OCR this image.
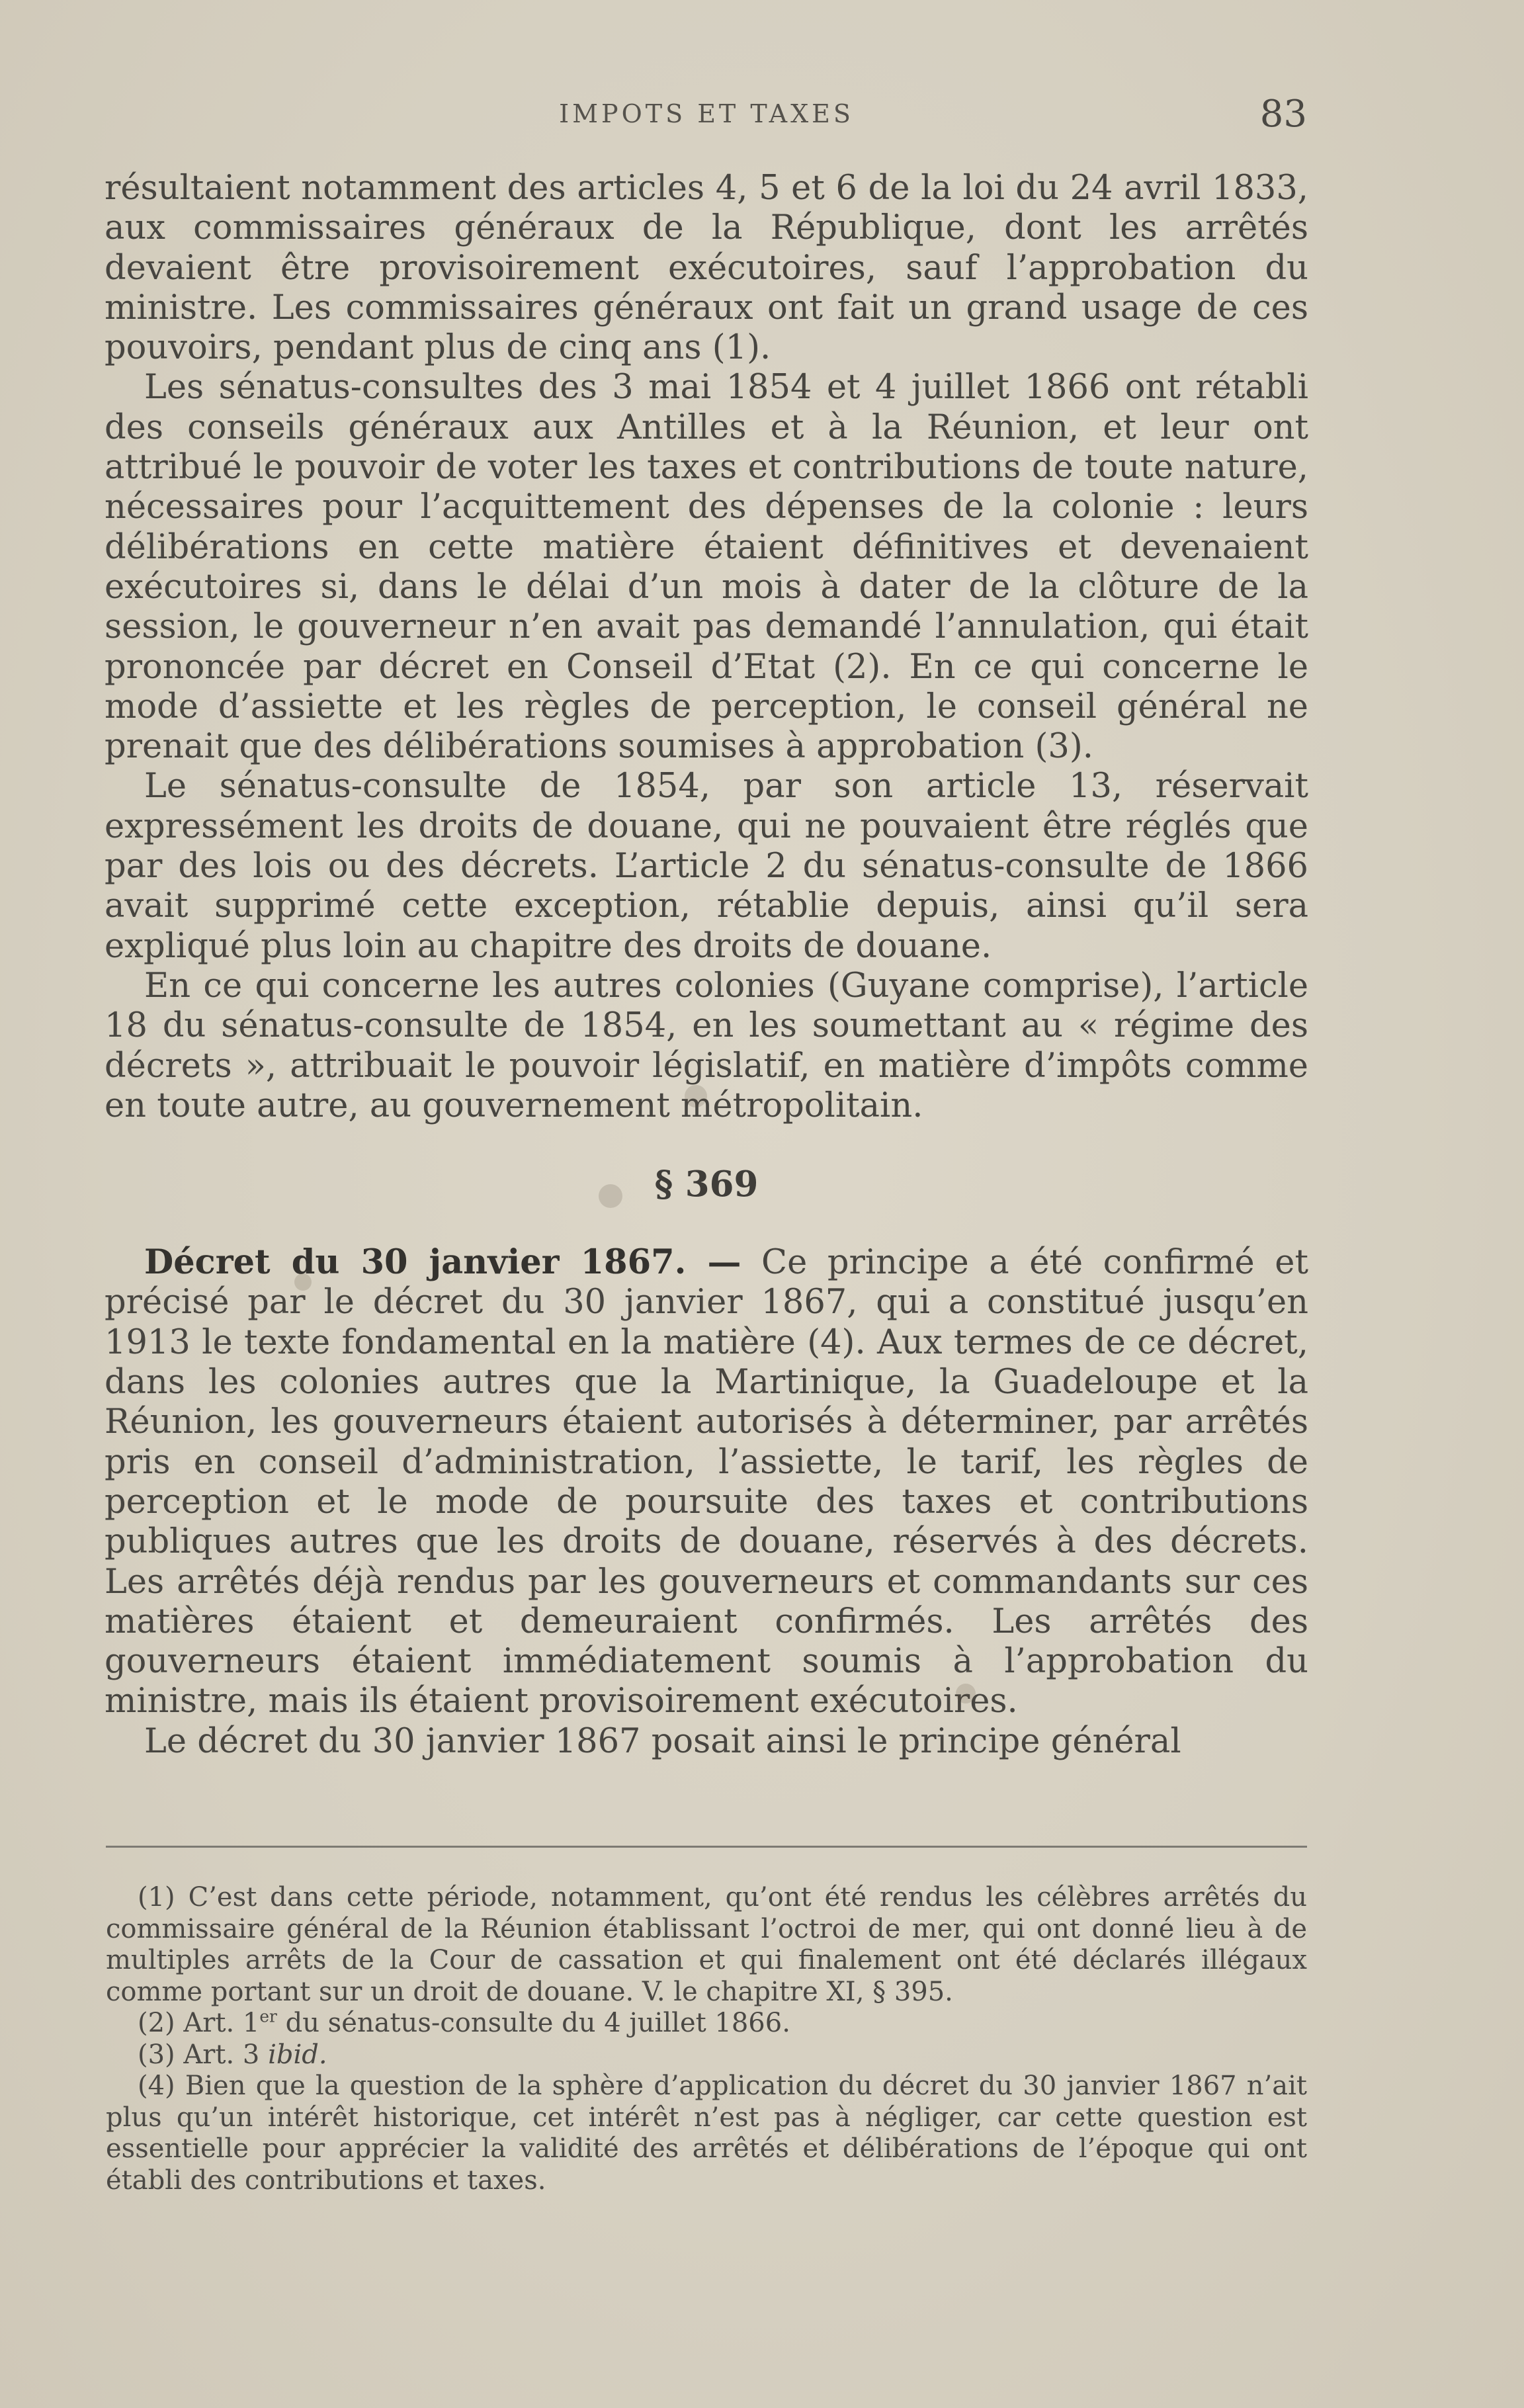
IMPOTS ET TAXES	83

résultaient notamment des articles 4, 5 et 6 de la loi du 24 avril 1833, aux commissaires généraux de la République, dont les arrêtés devaient être provisoirement exécutoires, sauf l’approbation du ministre. Les commissaires généraux ont fait un grand usage de ces pouvoirs, pendant plus de cinq ans (1).

Les sénatus-consultes des 3 mai 1854 et 4 juillet 1866 ont rétabli des conseils généraux aux Antilles et à la Réunion, et leur ont attribué le pouvoir de voter les taxes et contributions de toute nature, nécessaires pour l’acquittement des dépenses de la colonie : leurs délibérations en cette matière étaient définitives et devenaient exécutoires si, dans le délai d’un mois à dater de la clôture de la session, le gouverneur n’en avait pas demandé l’annulation, qui était prononcée par décret en Conseil d’Etat (2). En ce qui concerne le mode d’assiette et les règles de perception, le conseil général ne prenait que des délibérations soumises à approbation (3).

Le sénatus-consulte de 1854, par son article 13, réservait expressément les droits de douane, qui ne pouvaient être réglés que par des lois ou des décrets. L’article 2 du sénatus-consulte de 1866 avait supprimé cette exception, rétablie depuis, ainsi qu’il sera expliqué plus loin au chapitre des droits de douane.

En ce qui concerne les autres colonies (Guyane comprise), l’article 18 du sénatus-consulte de 1854, en les soumettant au « régime des décrets », attribuait le pouvoir législatif, en matière d’impôts comme en toute autre, au gouvernement métropolitain.

§ 369

Décret du 30 janvier 1867. — Ce principe a été confirmé et précisé par le décret du 30 janvier 1867, qui a constitué jusqu’en 1913 le texte fondamental en la matière (4). Aux termes de ce décret, dans les colonies autres que la Martinique, la Guadeloupe et la Réunion, les gouverneurs étaient autorisés à déterminer, par arrêtés pris en conseil d’administration, l’assiette, le tarif, les règles de perception et le mode de poursuite des taxes et contributions publiques autres que les droits de douane, réservés à des décrets. Les arrêtés déjà rendus par les gouverneurs et commandants sur ces matières étaient et demeuraient confirmés. Les arrêtés des gouverneurs étaient immédiatement soumis à l’approbation du ministre, mais ils étaient provisoirement exécutoires.

Le décret du 30 janvier 1867 posait ainsi le principe général

(1) C’est dans cette période, notamment, qu’ont été rendus les célèbres arrêtés du commissaire général de la Réunion établissant l’octroi de mer, qui ont donné lieu à de multiples arrêts de la Cour de cassation et qui finalement ont été déclarés illégaux comme portant sur un droit de douane. V. le chapitre XI, § 395.

(2) Art. 1er du sénatus-consulte du 4 juillet 1866.

(3) Art. 3 ibid.

(4) Bien que la question de la sphère d’application du décret du 30 janvier 1867 n’ait plus qu’un intérêt historique, cet intérêt n’est pas à négliger, car cette question est essentielle pour apprécier la validité des arrêtés et délibérations de l’époque qui ont établi des contributions et taxes.
